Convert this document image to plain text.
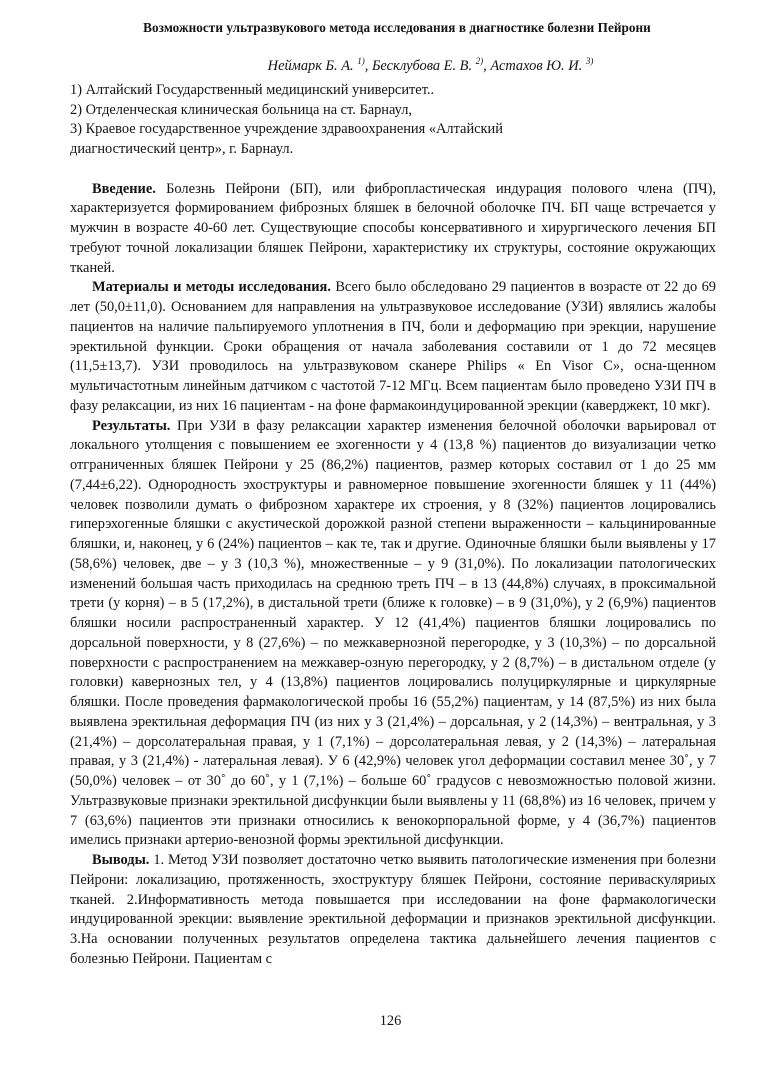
Возможности ультразвукового метода исследования в диагностике болезни Пейрони
Неймарк Б. А. $^{1)}$, Бесклубова Е. В. $^{2)}$, Астахов Ю. И. $^{3)}$
1) Алтайский Государственный медицинский университет..
2) Отделенческая клиническая больница на ст. Барнаул,
3) Краевое государственное учреждение здравоохранения «Алтайский диагностический центр», г. Барнаул.

Введение. Болезнь Пейрони (БП), или фибропластическая индурация полового члена (ПЧ), характеризуется формированием фиброзных бляшек в белочной оболочке ПЧ. БП чаще встречается у мужчин в возрасте 40-60 лет. Существующие способы консервативного и хирургического лечения БП требуют точной локализации бляшек Пейрони, характеристику их структуры, состояние окружающих тканей.

Материалы и методы исследования. Всего было обследовано 29 пациентов в возрасте от 22 до 69 лет (50,0±11,0). Основанием для направления на ультразвуковое исследование (УЗИ) являлись жалобы пациентов на наличие пальпируемого уплотнения в ПЧ, боли и деформацию при эрекции, нарушение эректильной функции. Сроки обращения от начала заболевания составили от 1 до 72 месяцев (11,5±13,7). УЗИ проводилось на ультразвуковом сканере Philips « En Visor C», осна-щенном мультичастотным линейным датчиком с частотой 7-12 МГц. Всем пациентам было проведено УЗИ ПЧ в фазу релаксации, из них 16 пациентам - на фоне фармакоиндуцированной эрекции (каверджект, 10 мкг).

Результаты. При УЗИ в фазу релаксации характер изменения белочной оболочки варьировал от локального утолщения с повышением ее эхогенности у 4 (13,8 %) пациентов до визуализации четко отграниченных бляшек Пейрони у 25 (86,2%) пациентов, размер которых составил от 1 до 25 мм (7,44±6,22). Однородность эхоструктуры и равномерное повышение эхогенности бляшек у 11 (44%) человек позволили думать о фиброзном характере их строения, у 8 (32%) пациентов лоцировались гиперэхогенные бляшки с акустической дорожкой разной степени выраженности – кальцинированные бляшки, и, наконец, у 6 (24%) пациентов – как те, так и другие. Одиночные бляшки были выявлены у 17 (58,6%) человек, две – у 3 (10,3 %), множественные – у 9 (31,0%). По локализации патологических изменений большая часть приходилась на среднюю треть ПЧ – в 13 (44,8%) случаях, в проксимальной трети (у корня) – в 5 (17,2%), в дистальной трети (ближе к головке) – в 9 (31,0%), у 2 (6,9%) пациентов бляшки носили распространенный характер. У 12 (41,4%) пациентов бляшки лоцировались по дорсальной поверхности, у 8 (27,6%) – по межкавернозной перегородке, у 3 (10,3%) – по дорсальной поверхности с распространением на межкавер-озную перегородку, у 2 (8,7%) – в дистальном отделе (у головки) кавернозных тел, у 4 (13,8%) пациентов лоцировались полуциркулярные и циркулярные бляшки. После проведения фармакологической пробы 16 (55,2%) пациентам, у 14 (87,5%) из них была выявлена эректильная деформация ПЧ (из них у 3 (21,4%) – дорсальная, у 2 (14,3%) – вентральная, у 3 (21,4%) – дорсолатеральная правая, у 1 (7,1%) – дорсолатеральная левая, у 2 (14,3%) – латеральная правая, у 3 (21,4%) - латеральная левая). У 6 (42,9%) человек угол деформации составил менее 30˚, у 7 (50,0%) человек – от 30˚ до 60˚, у 1 (7,1%) – больше 60˚ градусов с невозможностью половой жизни. Ультразвуковые признаки эректильной дисфункции были выявлены у 11 (68,8%) из 16 человек, причем у 7 (63,6%) пациентов эти признаки относились к венокорпоральной форме, у 4 (36,7%) пациентов имелись признаки артерио-венозной формы эректильной дисфункции.

Выводы. 1. Метод УЗИ позволяет достаточно четко выявить патологические изменения при болезни Пейрони: локализацию, протяженность, эхоструктуру бляшек Пейрони, состояние периваскуляриых тканей. 2.Информативность метода повышается при исследовании на фоне фармакологически индуцированной эрекции: выявление эректильной деформации и признаков эректильной дисфункции. 3.На основании полученных результатов определена тактика дальнейшего лечения пациентов с болезнью Пейрони. Пациентам с

126
